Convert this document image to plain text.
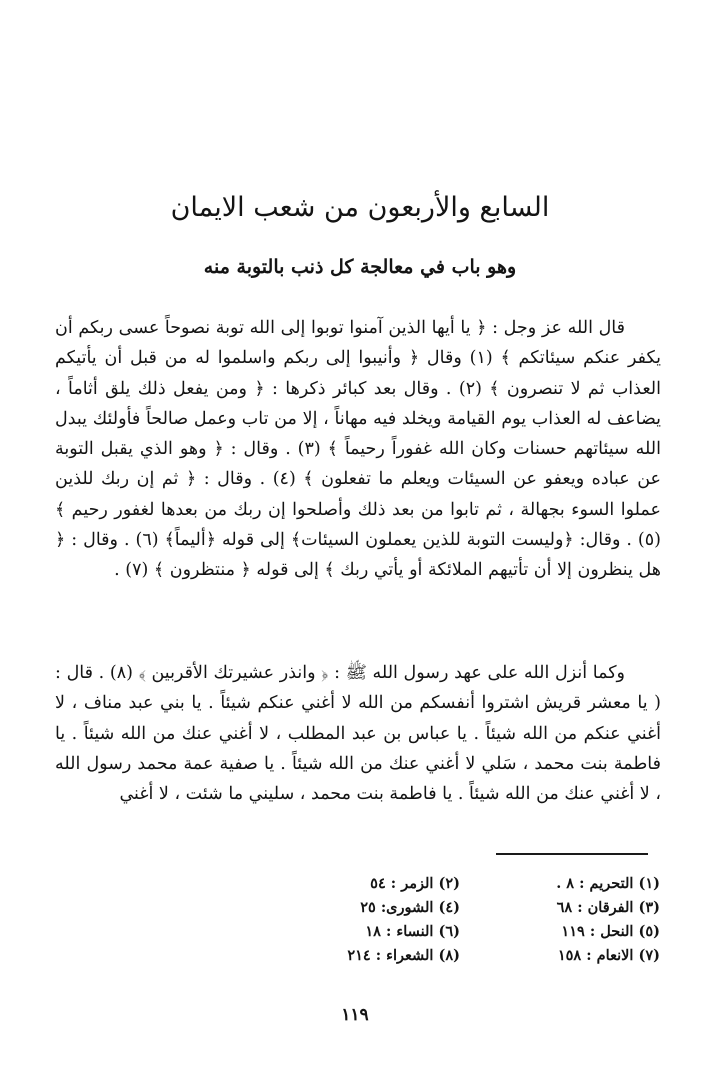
السابع والأربعون من شعب الايمان
وهو باب في معالجة كل ذنب بالتوبة منه

قال الله عز وجل : ﴿ يا أيها الذين آمنوا توبوا إلى الله توبة نصوحاً عسى ربكم أن يكفر عنكم سيئاتكم ﴾ (١) وقال ﴿ وأنيبوا إلى ربكم واسلموا له من قبل أن يأتيكم العذاب ثم لا تنصرون ﴾ (٢) . وقال بعد كبائر ذكرها : ﴿ ومن يفعل ذلك يلق أثاماً ، يضاعف له العذاب يوم القيامة ويخلد فيه مهاناً ، إلا من تاب وعمل صالحاً فأولئك يبدل الله سيئاتهم حسنات وكان الله غفوراً رحيماً ﴾ (٣) . وقال : ﴿ وهو الذي يقبل التوبة عن عباده ويعفو عن السيئات ويعلم ما تفعلون ﴾ (٤) . وقال : ﴿ ثم إن ربك للذين عملوا السوء بجهالة ، ثم تابوا من بعد ذلك وأصلحوا إن ربك من بعدها لغفور رحيم ﴾ (٥) . وقال: ﴿وليست التوبة للذين يعملون السيئات﴾ إلى قوله ﴿أليماً﴾ (٦) . وقال : ﴿ هل ينظرون إلا أن تأتيهم الملائكة أو يأتي ربك ﴾ إلى قوله ﴿ منتظرون ﴾ (٧) .

وكما أنزل الله على عهد رسول الله ﷺ : ﴿ وانذر عشيرتك الأقربين ﴾ (٨) . قال : ( يا معشر قريش اشتروا أنفسكم من الله لا أغني عنكم شيئاً . يا بني عبد مناف ، لا أغني عنكم من الله شيئاً . يا عباس بن عبد المطلب ، لا أغني عنك من الله شيئاً . يا فاطمة بنت محمد ، سَلي لا أغني عنك من الله شيئاً . يا صفية عمة محمد رسول الله ، لا أغني عنك من الله شيئاً . يا فاطمة بنت محمد ، سليني ما شئت ، لا أغني

(١) التحريم : ٨ .
(٢) الزمر : ٥٤
(٣) الفرقان : ٦٨
(٤) الشورى: ٢٥
(٥) النحل : ١١٩
(٦) النساء : ١٨
(٧) الانعام : ١٥٨
(٨) الشعراء : ٢١٤
١١٩
